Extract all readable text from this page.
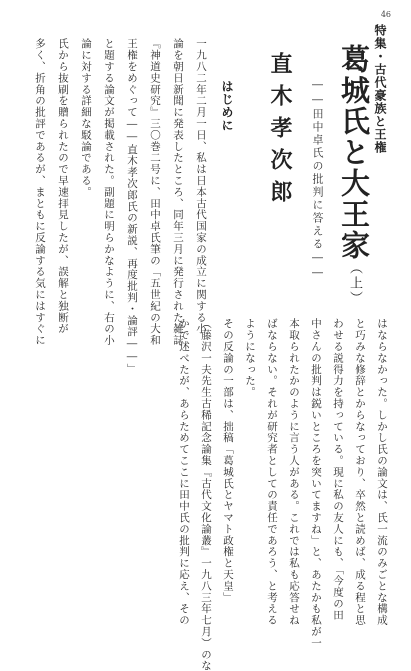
46
特集・古代豪族と王権
葛城氏と大王家（上）
――田中卓氏の批判に答える――
直木孝次郎
はじめに
一九八二年二月一日、私は日本古代国家の成立に関する小
論を朝日新聞に発表したところ、同年三月に発行された雑誌
『神道史研究』三〇巻二号に、田中卓氏筆の「五世紀の大和
王権をめぐって――直木孝次郎氏の新説、再度批判・論評――」
と題する論文が掲載された。副題に明らかなように、右の小
論に対する詳細な駁論である。
氏から抜刷を贈られたので早速拝見したが、誤解と独断が
多く、折角の批評であるが、まともに反論する気にはすぐに
はならなかった。しかし氏の論文は、氏一流のみごとな構成
と巧みな修辞とからなっており、卒然と読めば、成る程と思
わせる説得力を持っている。現に私の友人にも、「今度の田
中さんの批判は鋭いところを突いてますね」と、あたかも私が一
本取られたかのように言う人がある。これでは私も応答せね
ばならない。それが研究者としての責任であろう、と考える
ようになった。
その反論の一部は、拙稿「葛城氏とヤマト政権と天皇」
（藤沢一夫先生古稀記念論集『古代文化論叢』一九八三年七月）のな
かで述べたが、あらためてここに田中氏の批判に応え、その
